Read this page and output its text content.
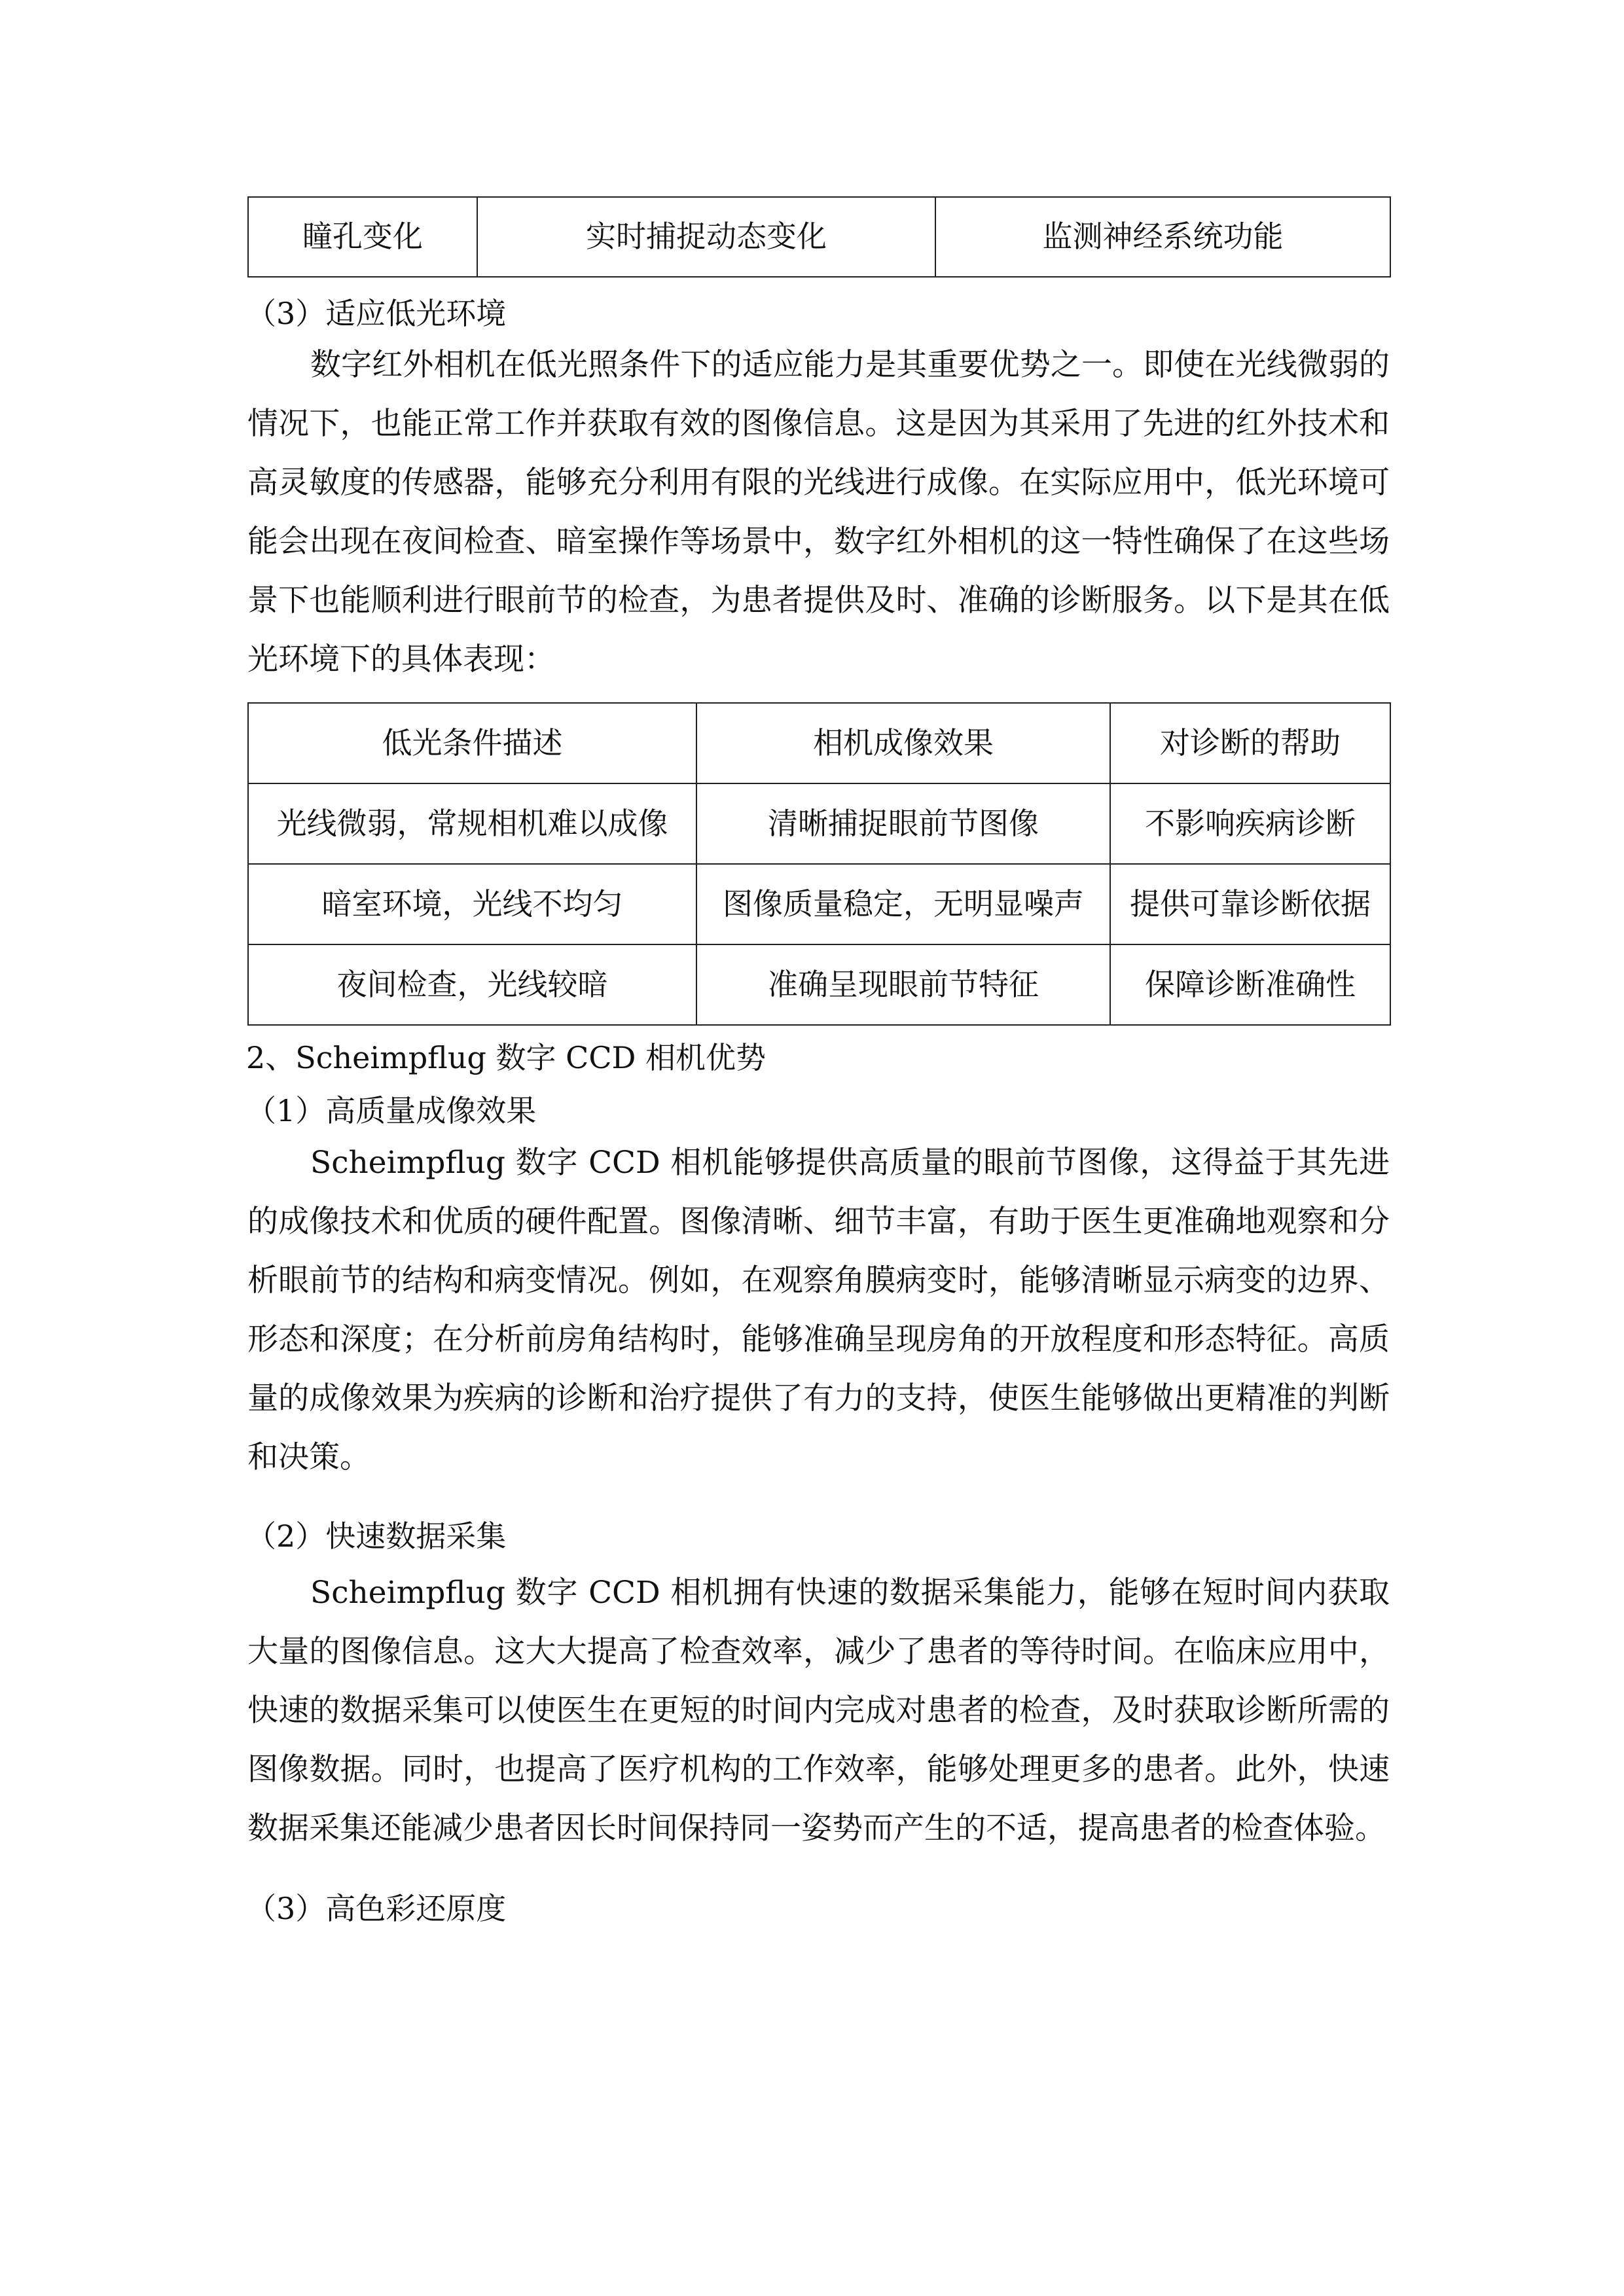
瞳孔变化	实时捕捉动态变化	监测神经系统功能
（3）适应低光环境

数字红外相机在低光照条件下的适应能力是其重要优势之一。即使在光线微弱的情况下，也能正常工作并获取有效的图像信息。这是因为其采用了先进的红外技术和高灵敏度的传感器，能够充分利用有限的光线进行成像。在实际应用中，低光环境可能会出现在夜间检查、暗室操作等场景中，数字红外相机的这一特性确保了在这些场景下也能顺利进行眼前节的检查，为患者提供及时、准确的诊断服务。以下是其在低光环境下的具体表现：

低光条件描述	相机成像效果	对诊断的帮助
光线微弱，常规相机难以成像	清晰捕捉眼前节图像	不影响疾病诊断
暗室环境，光线不均匀	图像质量稳定，无明显噪声	提供可靠诊断依据
夜间检查，光线较暗	准确呈现眼前节特征	保障诊断准确性
2、Scheimpflug 数字 CCD 相机优势
（1）高质量成像效果

Scheimpflug 数字 CCD 相机能够提供高质量的眼前节图像，这得益于其先进的成像技术和优质的硬件配置。图像清晰、细节丰富，有助于医生更准确地观察和分析眼前节的结构和病变情况。例如，在观察角膜病变时，能够清晰显示病变的边界、形态和深度；在分析前房角结构时，能够准确呈现房角的开放程度和形态特征。高质量的成像效果为疾病的诊断和治疗提供了有力的支持，使医生能够做出更精准的判断和决策。

（2）快速数据采集

Scheimpflug 数字 CCD 相机拥有快速的数据采集能力，能够在短时间内获取大量的图像信息。这大大提高了检查效率，减少了患者的等待时间。在临床应用中，快速的数据采集可以使医生在更短的时间内完成对患者的检查，及时获取诊断所需的图像数据。同时，也提高了医疗机构的工作效率，能够处理更多的患者。此外，快速数据采集还能减少患者因长时间保持同一姿势而产生的不适，提高患者的检查体验。

（3）高色彩还原度
